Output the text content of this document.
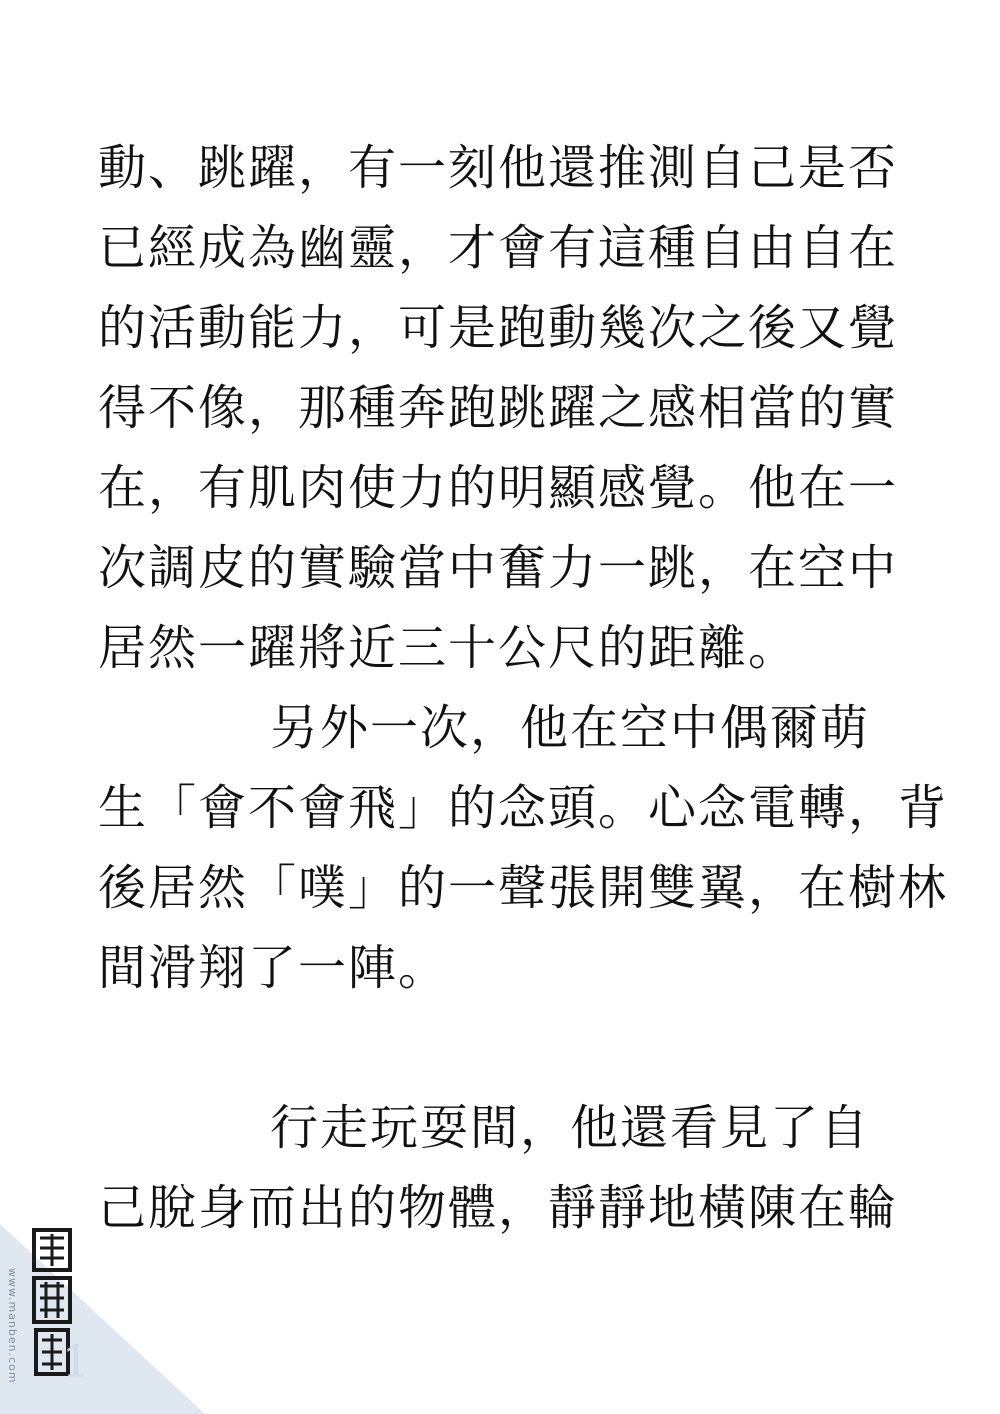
動、跳躍，有一刻他還推測自己是否
已經成為幽靈，才會有這種自由自在
的活動能力，可是跑動幾次之後又覺
得不像，那種奔跑跳躍之感相當的實
在，有肌肉使力的明顯感覺。他在一
次調皮的實驗當中奮力一跳，在空中
居然一躍將近三十公尺的距離。
另外一次，他在空中偶爾萌
生「會不會飛」的念頭。心念電轉，背
後居然「噗」的一聲張開雙翼，在樹林
間滑翔了一陣。
行走玩耍間，他還看見了自
己脫身而出的物體，靜靜地橫陳在輪
www.manben.com 1
